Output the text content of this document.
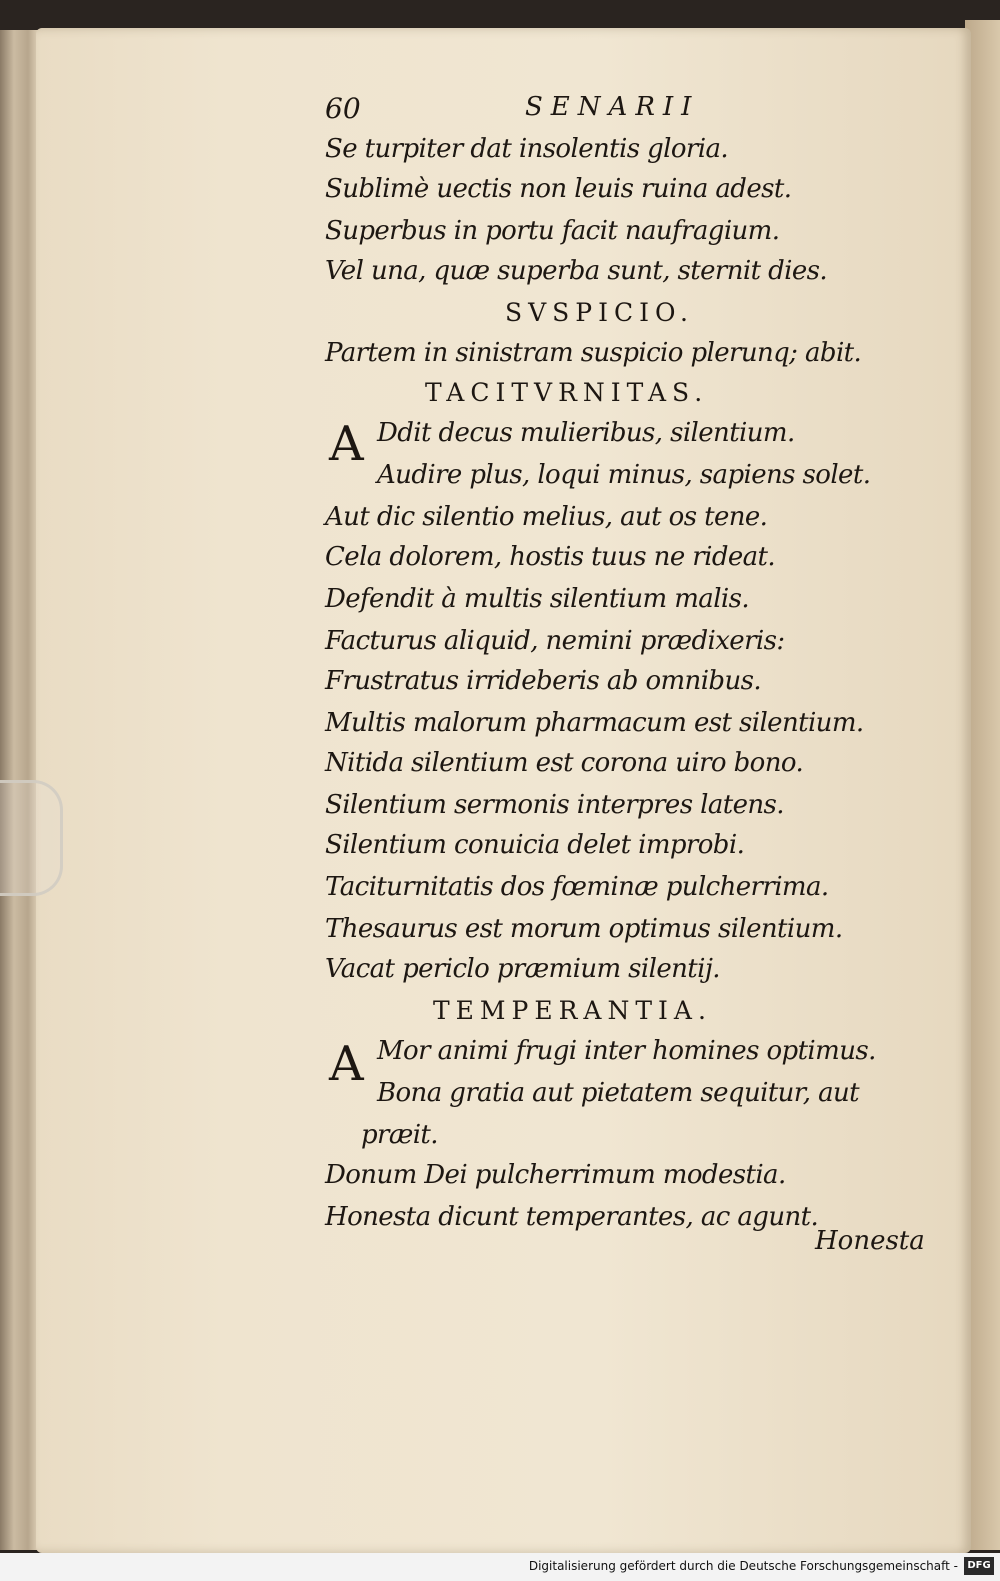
60	SENARII
Se turpiter dat insolentis gloria.
Sublimè uectis non leuis ruina adest.
Superbus in portu facit naufragium.
Vel una, quæ superba sunt, sternit dies.
SVSPICIO.
Partem in sinistram suspicio plerunq; abit.
TACITVRNITAS.
A Ddit decus mulieribus, silentium.
Audire plus, loqui minus, sapiens solet.
Aut dic silentio melius, aut os tene.
Cela dolorem, hostis tuus ne rideat.
Defendit à multis silentium malis.
Facturus aliquid, nemini prædixeris:
Frustratus irrideberis ab omnibus.
Multis malorum pharmacum est silentium.
Nitida silentium est corona uiro bono.
Silentium sermonis interpres latens.
Silentium conuicia delet improbi.
Taciturnitatis dos fœminæ pulcherrima.
Thesaurus est morum optimus silentium.
Vacat periclo præmium silentij.
TEMPERANTIA.
A Mor animi frugi inter homines optimus.
Bona gratia aut pietatem sequitur, aut
præit.
Donum Dei pulcherrimum modestia.
Honesta dicunt temperantes, ac agunt.
Honesta
Digitalisierung gefördert durch die Deutsche Forschungsgemeinschaft - DFG
